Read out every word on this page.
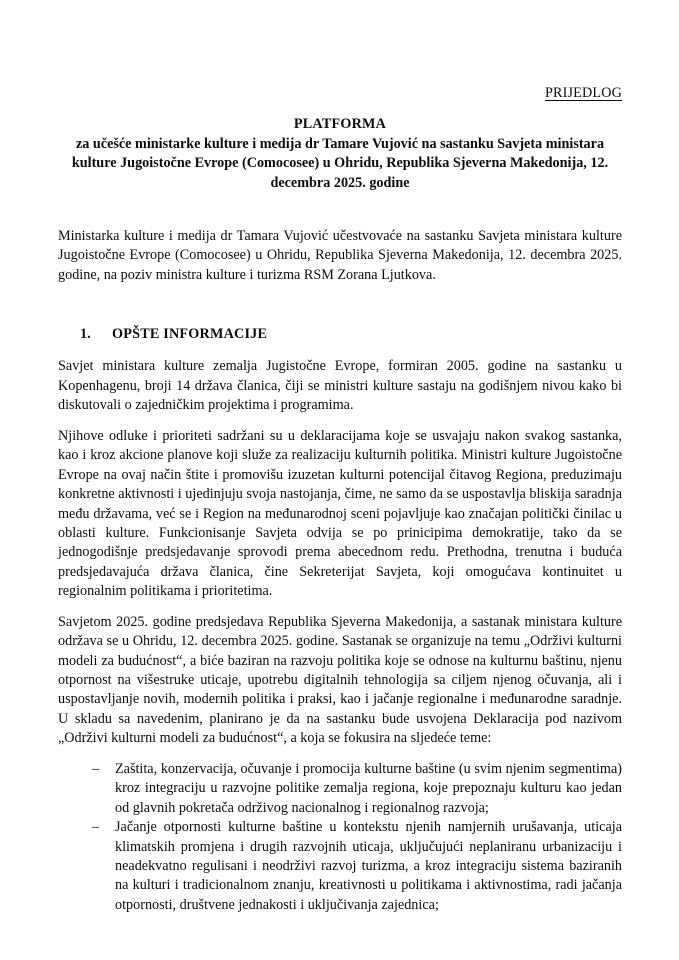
PRIJEDLOG
PLATFORMA
za učešće ministarke kulture i medija dr Tamare Vujović na sastanku Savjeta ministara kulture Jugoistočne Evrope (Comocosee) u Ohridu, Republika Sjeverna Makedonija, 12. decembra 2025. godine

Ministarka kulture i medija dr Tamara Vujović učestvovaće na sastanku Savjeta ministara kulture Jugoistočne Evrope (Comocosee) u Ohridu, Republika Sjeverna Makedonija, 12. decembra 2025. godine, na poziv ministra kulture i turizma RSM Zorana Ljutkova.

1.	OPŠTE INFORMACIJE

Savjet ministara kulture zemalja Jugistočne Evrope, formiran 2005. godine na sastanku u Kopenhagenu, broji 14 država članica, čiji se ministri kulture sastaju na godišnjem nivou kako bi diskutovali o zajedničkim projektima i programima.

Njihove odluke i prioriteti sadržani su u deklaracijama koje se usvajaju nakon svakog sastanka, kao i kroz akcione planove koji služe za realizaciju kulturnih politika. Ministri kulture Jugoistočne Evrope na ovaj način štite i promovišu izuzetan kulturni potencijal čitavog Regiona, preduzimaju konkretne aktivnosti i ujedinjuju svoja nastojanja, čime, ne samo da se uspostavlja bliskija saradnja među državama, već se i Region na međunarodnoj sceni pojavljuje kao značajan politički činilac u oblasti kulture. Funkcionisanje Savjeta odvija se po prinicipima demokratije, tako da se jednogodišnje predsjedavanje sprovodi prema abecednom redu. Prethodna, trenutna i buduća predsjedavajuća država članica, čine Sekreterijat Savjeta, koji omogućava kontinuitet u regionalnim politikama i prioritetima.

Savjetom 2025. godine predsjedava Republika Sjeverna Makedonija, a sastanak ministara kulture održava se u Ohridu, 12. decembra 2025. godine. Sastanak se organizuje na temu „Održivi kulturni modeli za budućnost“, a biće baziran na razvoju politika koje se odnose na kulturnu baštinu, njenu otpornost na višestruke uticaje, upotrebu digitalnih tehnologija sa ciljem njenog očuvanja, ali i uspostavljanje novih, modernih politika i praksi, kao i jačanje regionalne i međunarodne saradnje. U skladu sa navedenim, planirano je da na sastanku bude usvojena Deklaracija pod nazivom „Održivi kulturni modeli za budućnost“, a koja se fokusira na sljedeće teme:

–	Zaštita, konzervacija, očuvanje i promocija kulturne baštine (u svim njenim segmentima) kroz integraciju u razvojne politike zemalja regiona, koje prepoznaju kulturu kao jedan od glavnih pokretača održivog nacionalnog i regionalnog razvoja;
–	Jačanje otpornosti kulturne baštine u kontekstu njenih namjernih urušavanja, uticaja klimatskih promjena i drugih razvojnih uticaja, uključujući neplaniranu urbanizaciju i neadekvatno regulisani i neodrživi razvoj turizma, a kroz integraciju sistema baziranih na kulturi i tradicionalnom znanju, kreativnosti u politikama i aktivnostima, radi jačanja otpornosti, društvene jednakosti i uključivanja zajednica;
